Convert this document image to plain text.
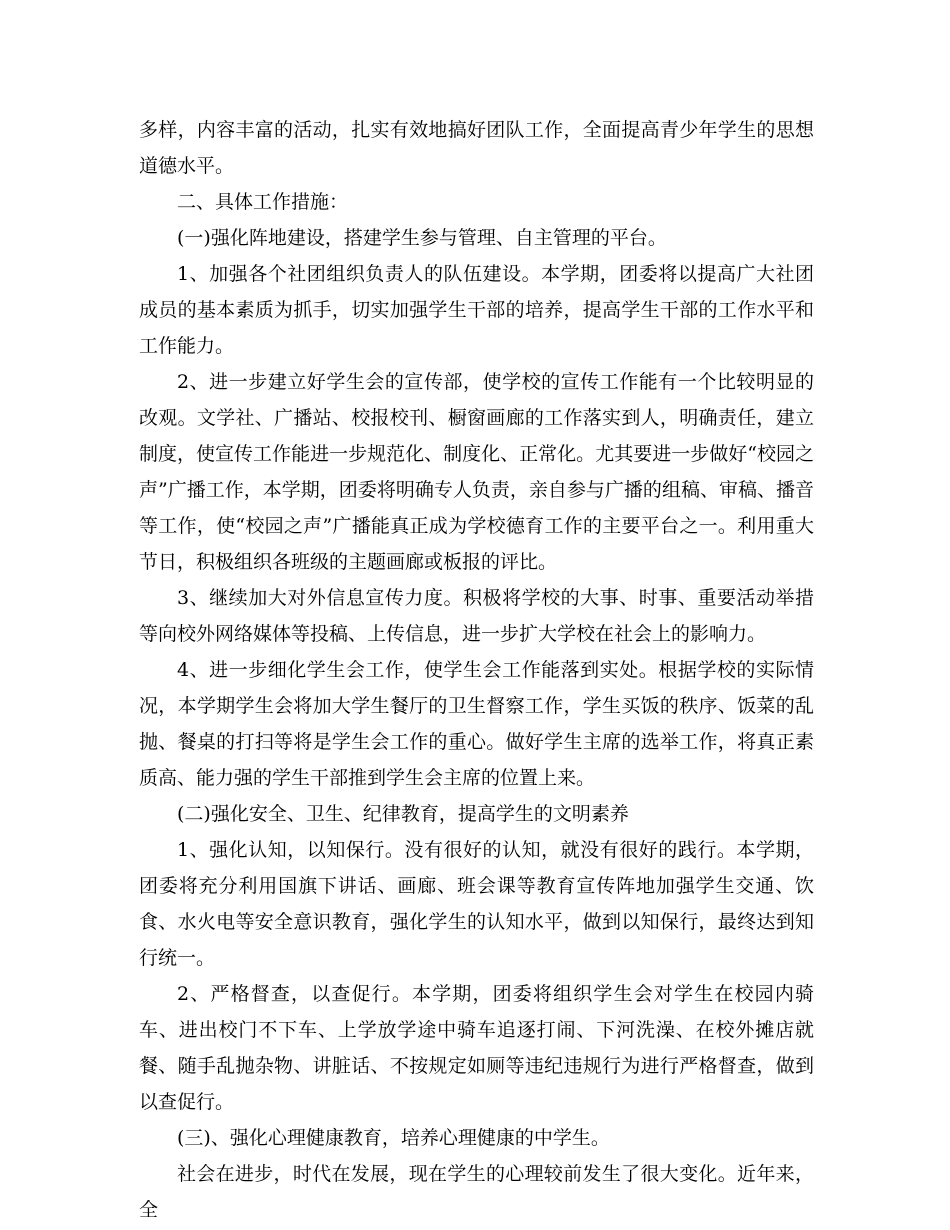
多样，内容丰富的活动，扎实有效地搞好团队工作，全面提高青少年学生的思想道德水平。

二、具体工作措施：

(一)强化阵地建设，搭建学生参与管理、自主管理的平台。

1、加强各个社团组织负责人的队伍建设。本学期，团委将以提高广大社团成员的基本素质为抓手，切实加强学生干部的培养，提高学生干部的工作水平和工作能力。

2、进一步建立好学生会的宣传部，使学校的宣传工作能有一个比较明显的改观。文学社、广播站、校报校刊、橱窗画廊的工作落实到人，明确责任，建立制度，使宣传工作能进一步规范化、制度化、正常化。尤其要进一步做好“校园之声”广播工作，本学期，团委将明确专人负责，亲自参与广播的组稿、审稿、播音等工作，使“校园之声”广播能真正成为学校德育工作的主要平台之一。利用重大节日，积极组织各班级的主题画廊或板报的评比。

3、继续加大对外信息宣传力度。积极将学校的大事、时事、重要活动举措等向校外网络媒体等投稿、上传信息，进一步扩大学校在社会上的影响力。

4、进一步细化学生会工作，使学生会工作能落到实处。根据学校的实际情况，本学期学生会将加大学生餐厅的卫生督察工作，学生买饭的秩序、饭菜的乱抛、餐桌的打扫等将是学生会工作的重心。做好学生主席的选举工作，将真正素质高、能力强的学生干部推到学生会主席的位置上来。

(二)强化安全、卫生、纪律教育，提高学生的文明素养

1、强化认知，以知保行。没有很好的认知，就没有很好的践行。本学期，团委将充分利用国旗下讲话、画廊、班会课等教育宣传阵地加强学生交通、饮食、水火电等安全意识教育，强化学生的认知水平，做到以知保行，最终达到知行统一。

2、严格督查，以查促行。本学期，团委将组织学生会对学生在校园内骑车、进出校门不下车、上学放学途中骑车追逐打闹、下河洗澡、在校外摊店就餐、随手乱抛杂物、讲脏话、不按规定如厕等违纪违规行为进行严格督查，做到以查促行。

(三)、强化心理健康教育，培养心理健康的中学生。

社会在进步，时代在发展，现在学生的心理较前发生了很大变化。近年来，全
